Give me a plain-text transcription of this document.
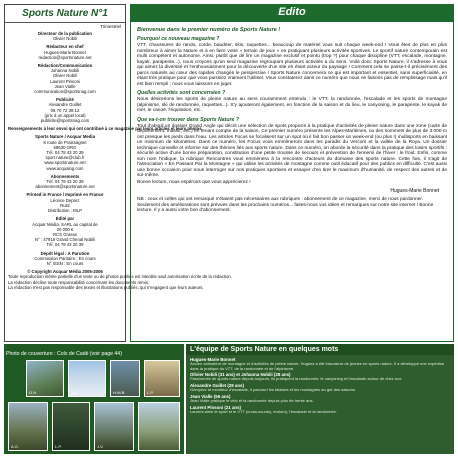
Sports Nature N°1
Trimestriel
Directeur de la publication
Olivier Nobili
Rédacteur en chef
Hugues-Marie Bonnet
redaction@sportsnature.net
Rédaction/Communication
Johanna Nobili
Olivier Nobili
Laurent Pinsoni
Jean Vialle
communication@sportsnag.com
Publicité
Alexandre Guillet
06 70 72 39 12
(prix à un appel local)
publicite@sportsnag.com
Renseignements à leur envoi qui ont contribué à ce magazine par leurs articles et leurs photos.
Sports Nature / Acquar Media
8 route de Praissagnet
69630 ORG
Tél. 04 78 43 20 39
sport.nature@club.fr
www.sportsnature.net
www.acqualog.com
Abonnements
Tél. 04 78 43 20 39
abonnement@sportsnature.net
Printed in France / Imprimé en France
Léonce Deprez
Ruitz
Distribution : MLP
Édité par
Acquar Média, SARL au capital de
20 000 €
RCS Grasse
N° : 47919 Grand Chenal Nobili
Tél. 04 78 43 20 39
Dépôt légal : À Parution
Commission Paritaire : En cours
N° ISSN : En cours
© Copyright Acquar Média 2005-2006
Toute reproduction même partielle d'un texte ou de photos publiés est interdite sauf autorisation écrite de la rédaction.
La rédaction décline toute responsabilité concernant les documents remis.
La rédaction n'est pas responsable des textes et illustrations publiés, qui n'engagent que leurs auteurs.
Edito
Bienvenue dans le premier numéro de Sports Nature !
Pourquoi ce nouveau magazine ?

VTT, chaussures de rando, corde, baudrier, skis, raquettes... beaucoup de matériel vous suit chaque week-end ! Vous êtes de plus en plus nombreux à aimer la Nature et à en faire votre « terrain de jeux » en pratiquant plusieurs activités sportives. Le sportif nature contemporain est multi compétent et autonome. Ainsi, plutôt que de lire un magazine exclusif et pointu (trop ?) pour chaque discipline (VTT, escalade, montagne, kayak, parapente...), nous croyons qu'un seul magazine regroupant plusieurs activités a du sens. Voilà donc Sports Nature, il s'adresse à vous qui aimez la diversité et l'enthousiasment pour la découverte d'un site en étant acteur du paysage ! Comment cela se passe-t-il précisément des parcs naturels au cœur des rapides changés le perspective ! Sports Nature concernera ce qui est important et essentiel, sans superficialité, en étant très pratique pour que vous puissiez vraiment l'utiliser. Vous constaterez dans ce numéro que nous ne faisons pas de remplissage mais qu'il est bien rempli ; nous vous laissons en juger.

Quelles activités sont concernées ?

Nous désirerions les sports de pleine nature au sens couramment entendu : le VTT, la randonnée, l'escalade et les sports de montagne (alpinisme, ski de randonnée, raquettes...). S'y ajouteront également, en fonction de la saison et du lieu, le canyoning, le parapente, le kayak de mer, le canoë, l'équitation, etc.

Que va-t-on trouver dans Sports Nature ?

Tout d'abord un dossier Grand Angle qui décrit une sélection de spots propices à la pratique d'activités de pleine nature dans une zone (carte de département, massif, etc.) en tenant compte de la saison. Ce premier numéro présente les Alpes-Maritimes, ou des sommets de plus de 3 000 m ont presque les pieds dans l'eau. Les articles Focus se focalisent sur un spot où il fait bon passer un week-end (ou plus !) multisports en baissant un minimum de kilomètres. Dans ce numéro, les Focus vous emmèneront dans les paradis du Vercors et la vallée de la Roya. Un dossier technique conseille et informe sur des thèmes liés aux sports nature. Dans ce numéro, on aborde la sécurité dans la pratique des loisirs sportifs : sécurité active d'une bonne préparation, constitution d'une petite trousse de secours et prévention de l'ennemi de l'hiver : le froid. Enfin, comme son nom l'indique, la rubrique Rencontres vous emmènera à la rencontre d'acteurs du domaine des sports nature. Cette fois, il s'agit de l'association « En Passant Par la Montagne » qui utilise les activités de montagne comme outil éducatif pour des publics en difficulté. C'est aussi une bonne occasion pour nous interroger sur nos pratiques sportives et essayer d'en tirer le maximum d'humanité, de respect des autres et de soi-même.

Bonne lecture, nous espérons que vous apprécierez !

Hugues-Marie Bonnet
NB : ceux et celles qui ont remarqué n'étaient pas nécessaires aux rubriques : abonnement de ce magazine, merci de nous pardonner. Seulement des améliorations sont prévues dans les prochains numéros... faites-nous vos idées et remarques sur notre site internet ! Bonne lecture. Il y a aussi votre bon d'abonnement.
Photo de couverture : Cols de Cadé (voir page 44)
O.N.	J.N.	H-M.B.	L.P.
A.G.	L.P.	J.V.
L'équipe de Sports Nature en quelques mots
Hugues-Marie Bonnet
Ancien animateur de montagne et d'activités de pleine nature, Hugues a été éducateur de jeunes en sports nature. Il a développé une expertise dans la pratique du VTT, de la randonnée et de l'alpinisme.
Olivier Nobili (31 ans) et Johanna Nobili (28 ans)
Passionnés de sports nature depuis toujours, ils pratiquent la randonnée, le canyoning et l'escalade autour de chez eux.
Alexandre Guillet (28 ans)
Grimpeur et moniteur d'escalade, il parcourt les falaises et les montagnes au gré des saisons.
Jean Vialle (56 ans)
Jean Vialle pratique le vélo et la randonnée depuis plus de trente ans.
Laurent Pinsoni (21 ans)
Laurent aime le sport et le VTT (cross-country, enduro), l'escalade et la randonnée.
